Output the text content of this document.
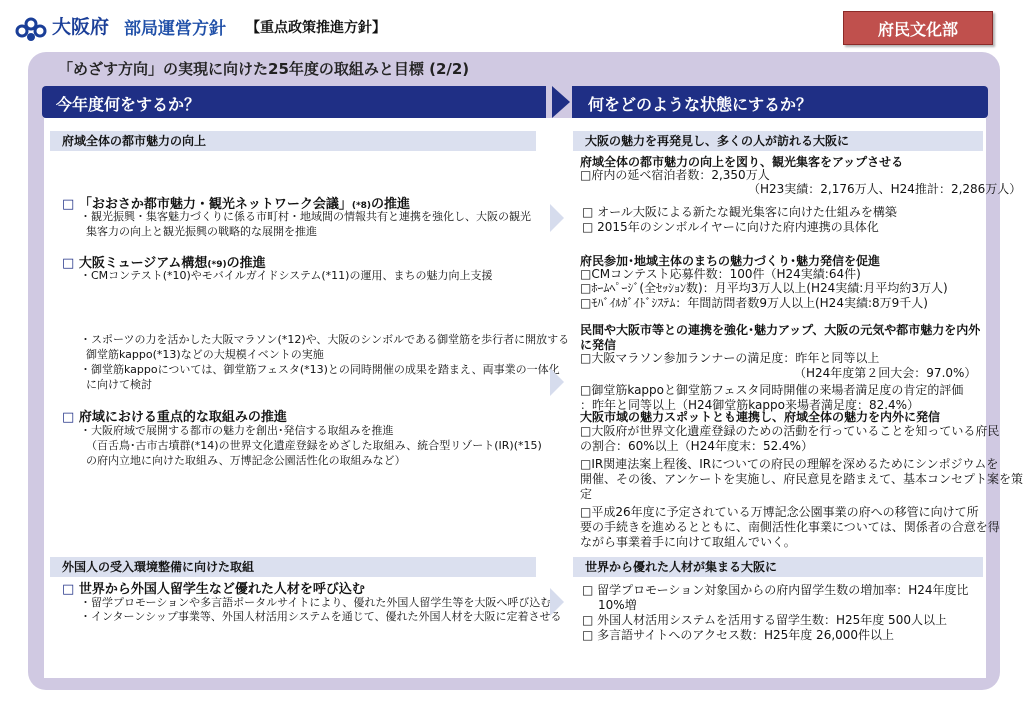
大阪府 部局運営方針 【重点政策推進方針】	府民文化部
「めざす方向」の実現に向けた25年度の取組みと目標 (2/2)
今年度何をするか？	何をどのような状態にするか？
府域全体の都市魅力の向上
□ 「おおさか都市魅力・観光ネットワーク会議」(*8)の推進
・観光振興・集客魅力づくりに係る市町村・地域間の情報共有と連携を強化し、大阪の観光
集客力の向上と観光振興の戦略的な展開を推進
□ 大阪ミュージアム構想(*9)の推進
・CMコンテスト(*10)やモバイルガイドシステム(*11)の運用、まちの魅力向上支援
・スポーツの力を活かした大阪マラソン(*12)や、大阪のシンボルである御堂筋を歩行者に開放する
御堂筋kappo(*13)などの大規模イベントの実施
・御堂筋kappoについては、御堂筋フェスタ(*13)との同時開催の成果を踏まえ、両事業の一体化
に向けて検討
□ 府域における重点的な取組みの推進
・大阪府域で展開する都市の魅力を創出･発信する取組みを推進
（百舌鳥･古市古墳群(*14)の世界文化遺産登録をめざした取組み、統合型リゾート(IR)(*15)
の府内立地に向けた取組み、万博記念公園活性化の取組みなど）
外国人の受入環境整備に向けた取組
□ 世界から外国人留学生など優れた人材を呼び込む
・留学プロモーションや多言語ポータルサイトにより、優れた外国人留学生等を大阪へ呼び込む
・インターンシップ事業等、外国人材活用システムを通じて、優れた外国人材を大阪に定着させる
大阪の魅力を再発見し、多くの人が訪れる大阪に
府域全体の都市魅力の向上を図り、観光集客をアップさせる
□府内の延べ宿泊者数：2,350万人
（H23実績：2,176万人、H24推計：2,286万人）
□ オール大阪による新たな観光集客に向けた仕組みを構築
□ 2015年のシンボルイヤーに向けた府内連携の具体化
府民参加･地域主体のまちの魅力づくり･魅力発信を促進
□CMコンテスト応募件数：100件（H24実績:64件)
□ﾎｰﾑﾍﾟｰｼﾞ(全ｾｯｼｮﾝ数)：月平均3万人以上(H24実績:月平均約3万人)
□ﾓﾊﾞｲﾙｶﾞｲﾄﾞｼｽﾃﾑ：年間訪問者数9万人以上(H24実績:8万9千人)
民間や大阪市等との連携を強化･魅力アップ、大阪の元気や都市魅力を内外
に発信
□大阪マラソン参加ランナーの満足度：昨年と同等以上
（H24年度第２回大会：97.0%）
□御堂筋kappoと御堂筋フェスタ同時開催の来場者満足度の肯定的評価
：昨年と同等以上（H24御堂筋kappo来場者満足度：82.4%）
大阪市域の魅力スポットとも連携し、府域全体の魅力を内外に発信
□大阪府が世界文化遺産登録のための活動を行っていることを知っている府民
の割合：60%以上（H24年度末：52.4%）
□IR関連法案上程後、IRについての府民の理解を深めるためにシンポジウムを
開催、その後、アンケートを実施し、府民意見を踏まえて、基本コンセプト案を策
定
□平成26年度に予定されている万博記念公園事業の府への移管に向けて所
要の手続きを進めるとともに、南側活性化事業については、関係者の合意を得
ながら事業着手に向けて取組んでいく。
世界から優れた人材が集まる大阪に
□ 留学プロモーション対象国からの府内留学生数の増加率：H24年度比
10%増
□ 外国人材活用システムを活用する留学生数：H25年度 500人以上
□ 多言語サイトへのアクセス数：H25年度 26,000件以上
